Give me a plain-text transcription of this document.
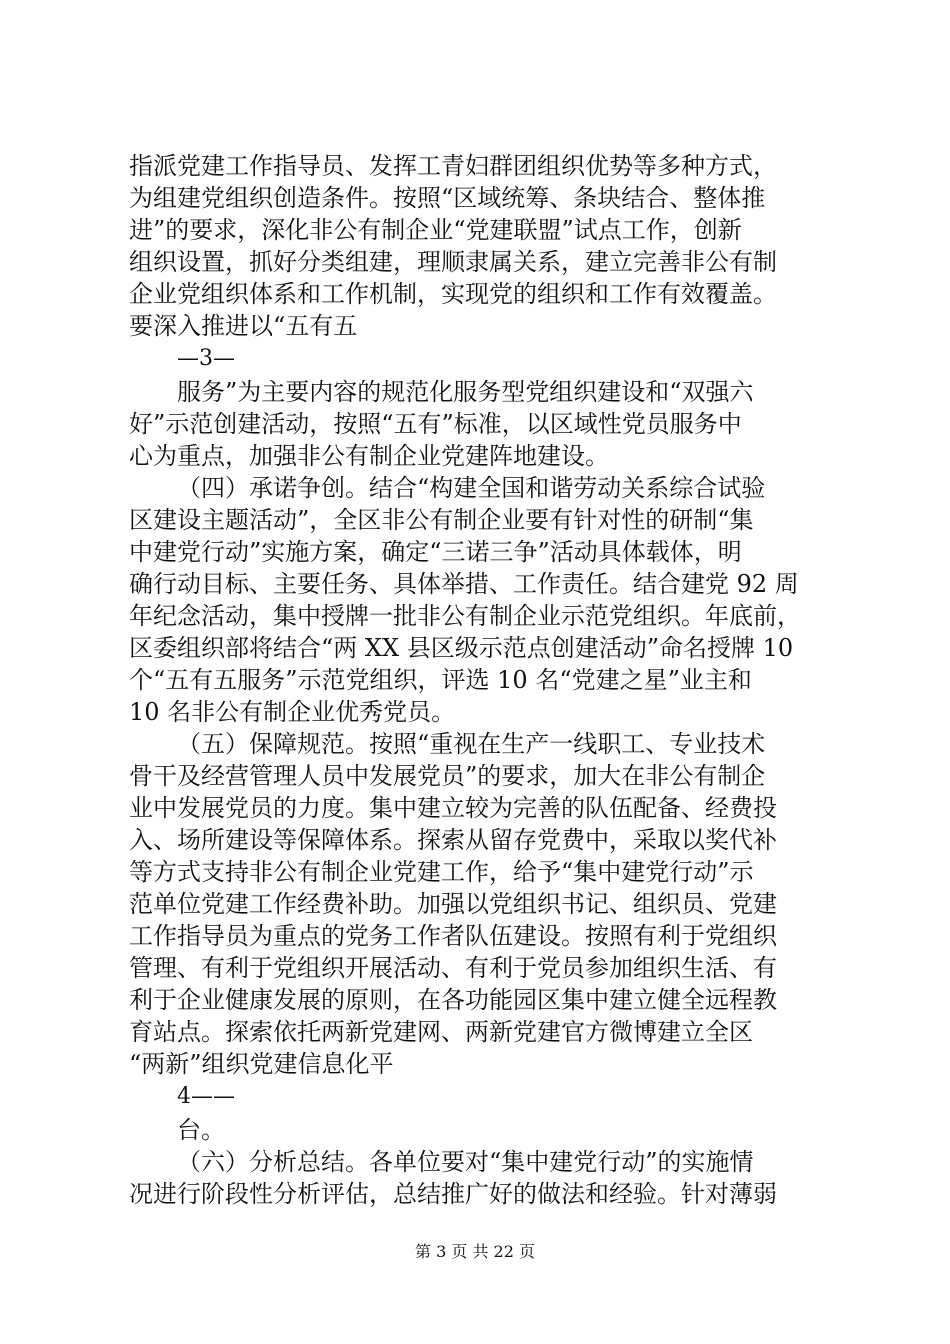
指派党建工作指导员、发挥工青妇群团组织优势等多种方式，
为组建党组织创造条件。按照“区域统筹、条块结合、整体推
进”的要求，深化非公有制企业“党建联盟”试点工作，创新
组织设置，抓好分类组建，理顺隶属关系，建立完善非公有制
企业党组织体系和工作机制，实现党的组织和工作有效覆盖。
要深入推进以“五有五
—3—
服务”为主要内容的规范化服务型党组织建设和“双强六
好”示范创建活动，按照“五有”标准，以区域性党员服务中
心为重点，加强非公有制企业党建阵地建设。
（四）承诺争创。结合“构建全国和谐劳动关系综合试验
区建设主题活动”，全区非公有制企业要有针对性的研制“集
中建党行动”实施方案，确定“三诺三争”活动具体载体，明
确行动目标、主要任务、具体举措、工作责任。结合建党 92 周
年纪念活动，集中授牌一批非公有制企业示范党组织。年底前，
区委组织部将结合“两 XX 县区级示范点创建活动”命名授牌 10
个“五有五服务”示范党组织，评选 10 名“党建之星”业主和
10 名非公有制企业优秀党员。
（五）保障规范。按照“重视在生产一线职工、专业技术
骨干及经营管理人员中发展党员”的要求，加大在非公有制企
业中发展党员的力度。集中建立较为完善的队伍配备、经费投
入、场所建设等保障体系。探索从留存党费中，采取以奖代补
等方式支持非公有制企业党建工作，给予“集中建党行动”示
范单位党建工作经费补助。加强以党组织书记、组织员、党建
工作指导员为重点的党务工作者队伍建设。按照有利于党组织
管理、有利于党组织开展活动、有利于党员参加组织生活、有
利于企业健康发展的原则，在各功能园区集中建立健全远程教
育站点。探索依托两新党建网、两新党建官方微博建立全区
“两新”组织党建信息化平
4——
台。
（六）分析总结。各单位要对“集中建党行动”的实施情
况进行阶段性分析评估，总结推广好的做法和经验。针对薄弱
第 3 页 共 22 页
